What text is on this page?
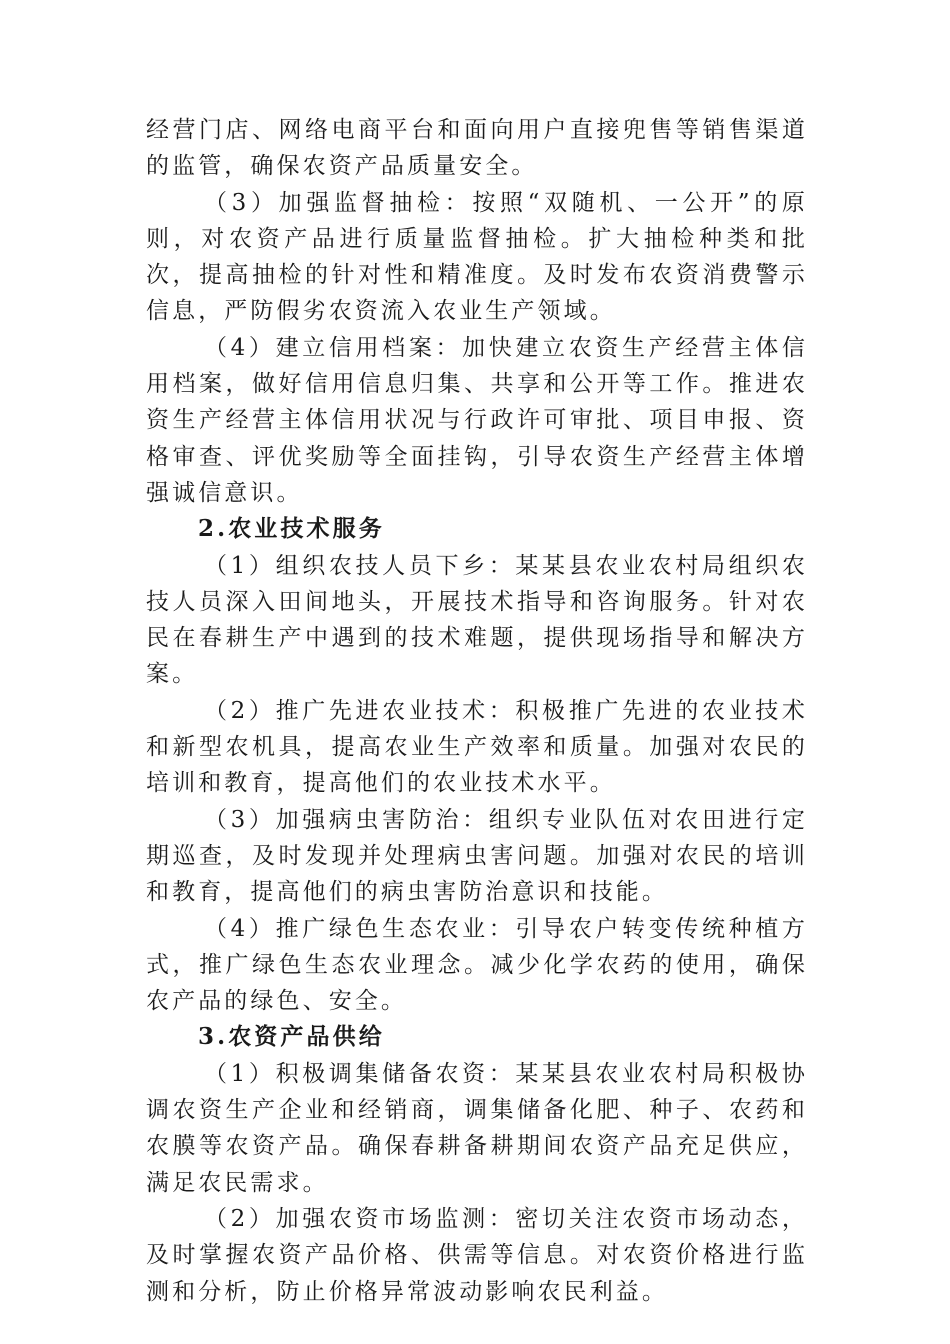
经营门店、网络电商平台和面向用户直接兜售等销售渠道的监管，确保农资产品质量安全。

（3）加强监督抽检：按照“双随机、一公开”的原则，对农资产品进行质量监督抽检。扩大抽检种类和批次，提高抽检的针对性和精准度。及时发布农资消费警示信息，严防假劣农资流入农业生产领域。

（4）建立信用档案：加快建立农资生产经营主体信用档案，做好信用信息归集、共享和公开等工作。推进农资生产经营主体信用状况与行政许可审批、项目申报、资格审查、评优奖励等全面挂钩，引导农资生产经营主体增强诚信意识。

2.农业技术服务

（1）组织农技人员下乡：某某县农业农村局组织农技人员深入田间地头，开展技术指导和咨询服务。针对农民在春耕生产中遇到的技术难题，提供现场指导和解决方案。

（2）推广先进农业技术：积极推广先进的农业技术和新型农机具，提高农业生产效率和质量。加强对农民的培训和教育，提高他们的农业技术水平。

（3）加强病虫害防治：组织专业队伍对农田进行定期巡查，及时发现并处理病虫害问题。加强对农民的培训和教育，提高他们的病虫害防治意识和技能。

（4）推广绿色生态农业：引导农户转变传统种植方式，推广绿色生态农业理念。减少化学农药的使用，确保农产品的绿色、安全。

3.农资产品供给

（1）积极调集储备农资：某某县农业农村局积极协调农资生产企业和经销商，调集储备化肥、种子、农药和农膜等农资产品。确保春耕备耕期间农资产品充足供应，满足农民需求。

（2）加强农资市场监测：密切关注农资市场动态，及时掌握农资产品价格、供需等信息。对农资价格进行监测和分析，防止价格异常波动影响农民利益。
